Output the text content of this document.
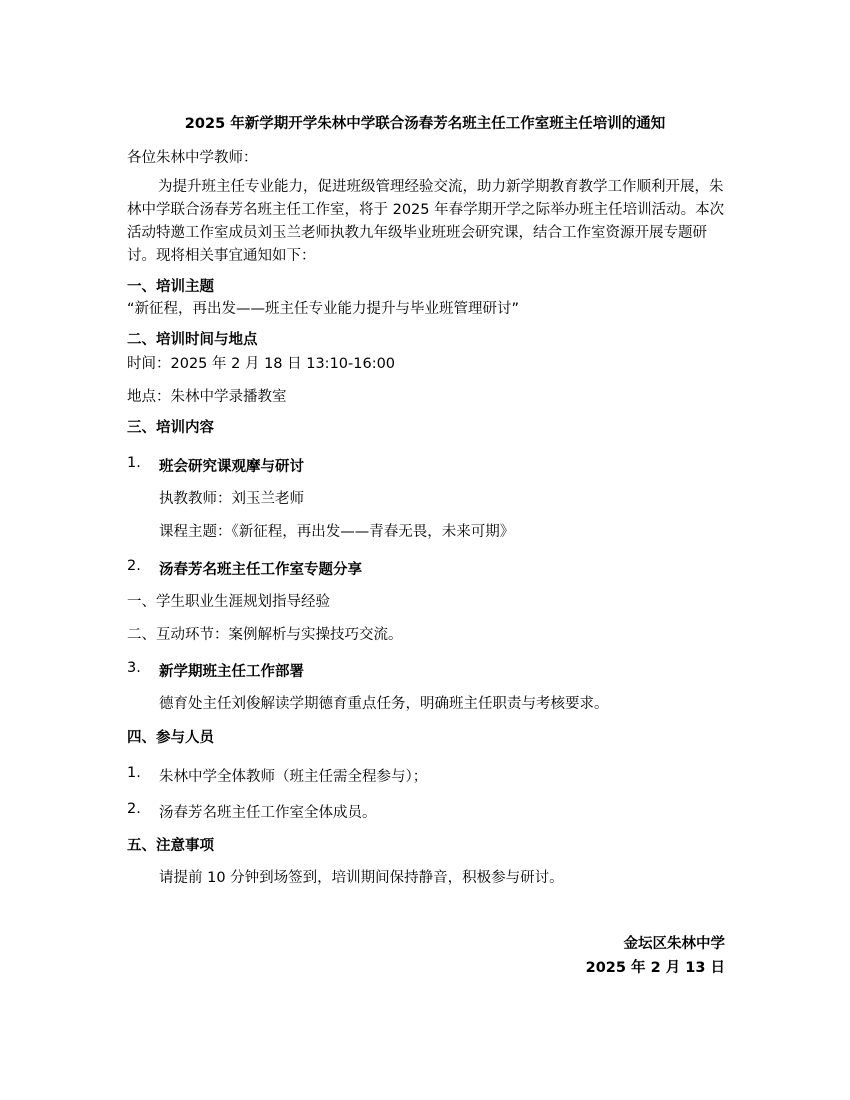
2025 年新学期开学朱林中学联合汤春芳名班主任工作室班主任培训的通知
各位朱林中学教师：
为提升班主任专业能力，促进班级管理经验交流，助力新学期教育教学工作顺利开展，朱林中学联合汤春芳名班主任工作室，将于 2025 年春学期开学之际举办班主任培训活动。本次活动特邀工作室成员刘玉兰老师执教九年级毕业班班会研究课，结合工作室资源开展专题研讨。现将相关事宜通知如下：
一、培训主题
“新征程，再出发——班主任专业能力提升与毕业班管理研讨”
二、培训时间与地点
时间：2025 年 2 月 18 日 13:10-16:00
地点：朱林中学录播教室
三、培训内容
1.	班会研究课观摩与研讨
执教教师：刘玉兰老师
课程主题：《新征程，再出发——青春无畏，未来可期》
2.	汤春芳名班主任工作室专题分享
一、学生职业生涯规划指导经验
二、互动环节：案例解析与实操技巧交流。
3.	新学期班主任工作部署
德育处主任刘俊解读学期德育重点任务，明确班主任职责与考核要求。
四、参与人员
1.	朱林中学全体教师（班主任需全程参与）；
2.	汤春芳名班主任工作室全体成员。
五、注意事项
请提前 10 分钟到场签到，培训期间保持静音，积极参与研讨。
金坛区朱林中学
2025 年 2 月 13 日
